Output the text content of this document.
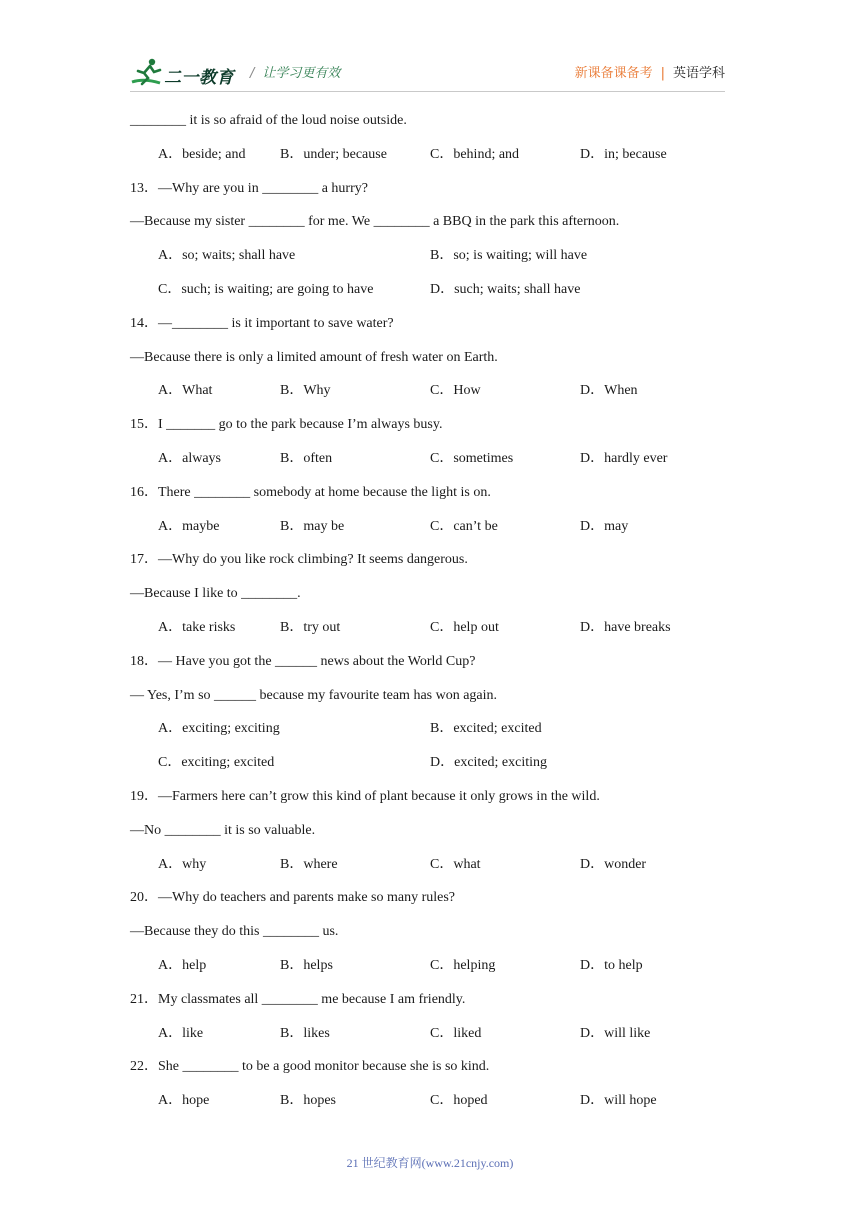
二一教育 / 让学习更有效	新课备课备考 | 英语学科
________ it is so afraid of the loud noise outside.
A．beside; and	B．under; because	C．behind; and	D．in; because
13．—Why are you in ________ a hurry?
—Because my sister ________ for me. We ________ a BBQ in the park this afternoon.
A．so; waits; shall have	B．so; is waiting; will have
C．such; is waiting; are going to have	D．such; waits; shall have
14．—________ is it important to save water?
—Because there is only a limited amount of fresh water on Earth.
A．What	B．Why	C．How	D．When
15．I _______ go to the park because I’m always busy.
A．always	B．often	C．sometimes	D．hardly ever
16．There ________ somebody at home because the light is on.
A．maybe	B．may be	C．can’t be	D．may
17．—Why do you like rock climbing? It seems dangerous.
—Because I like to ________.
A．take risks	B．try out	C．help out	D．have breaks
18．— Have you got the ______ news about the World Cup?
— Yes, I’m so ______ because my favourite team has won again.
A．exciting; exciting	B．excited; excited
C．exciting; excited	D．excited; exciting
19．—Farmers here can’t grow this kind of plant because it only grows in the wild.
—No ________ it is so valuable.
A．why	B．where	C．what	D．wonder
20．—Why do teachers and parents make so many rules?
—Because they do this ________ us.
A．help	B．helps	C．helping	D．to help
21．My classmates all ________ me because I am friendly.
A．like	B．likes	C．liked	D．will like
22．She ________ to be a good monitor because she is so kind.
A．hope	B．hopes	C．hoped	D．will hope
21 世纪教育网(www.21cnjy.com)
